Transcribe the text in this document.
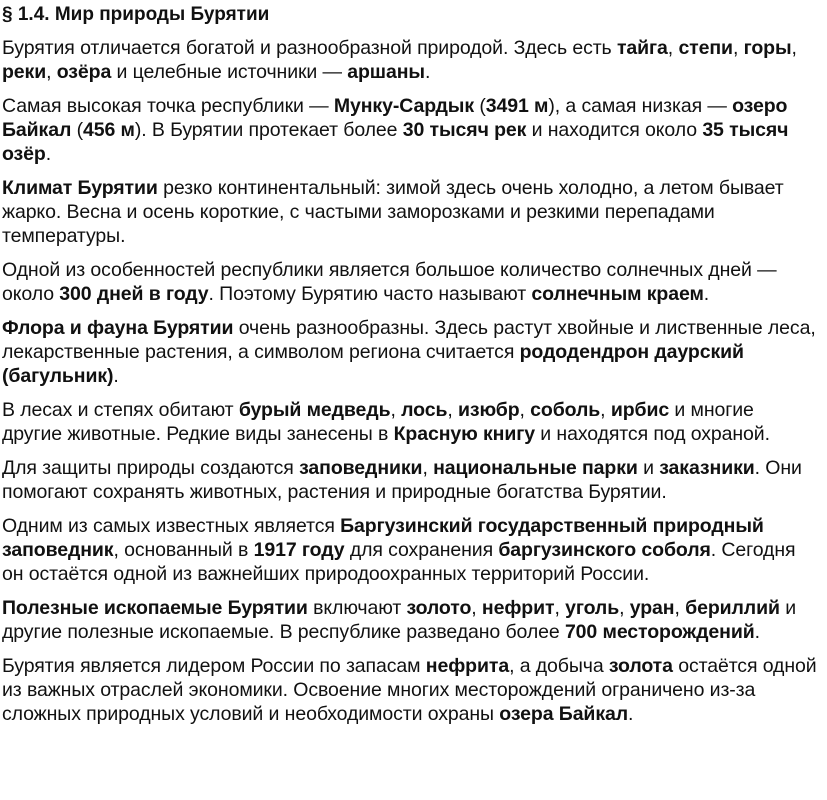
§ 1.4. Мир природы Бурятии
Бурятия отличается богатой и разнообразной природой. Здесь есть тайга, степи, горы, реки, озёра и целебные источники — аршаны.
Самая высокая точка республики — Мунку-Сардык (3491 м), а самая низкая — озеро Байкал (456 м). В Бурятии протекает более 30 тысяч рек и находится около 35 тысяч озёр.
Климат Бурятии резко континентальный: зимой здесь очень холодно, а летом бывает жарко. Весна и осень короткие, с частыми заморозками и резкими перепадами температуры.
Одной из особенностей республики является большое количество солнечных дней — около 300 дней в году. Поэтому Бурятию часто называют солнечным краем.
Флора и фауна Бурятии очень разнообразны. Здесь растут хвойные и лиственные леса, лекарственные растения, а символом региона считается рододендрон даурский (багульник).
В лесах и степях обитают бурый медведь, лось, изюбр, соболь, ирбис и многие другие животные. Редкие виды занесены в Красную книгу и находятся под охраной.
Для защиты природы создаются заповедники, национальные парки и заказники. Они помогают сохранять животных, растения и природные богатства Бурятии.
Одним из самых известных является Баргузинский государственный природный заповедник, основанный в 1917 году для сохранения баргузинского соболя. Сегодня он остаётся одной из важнейших природоохранных территорий России.
Полезные ископаемые Бурятии включают золото, нефрит, уголь, уран, бериллий и другие полезные ископаемые. В республике разведано более 700 месторождений.
Бурятия является лидером России по запасам нефрита, а добыча золота остаётся одной из важных отраслей экономики. Освоение многих месторождений ограничено из-за сложных природных условий и необходимости охраны озера Байкал.
